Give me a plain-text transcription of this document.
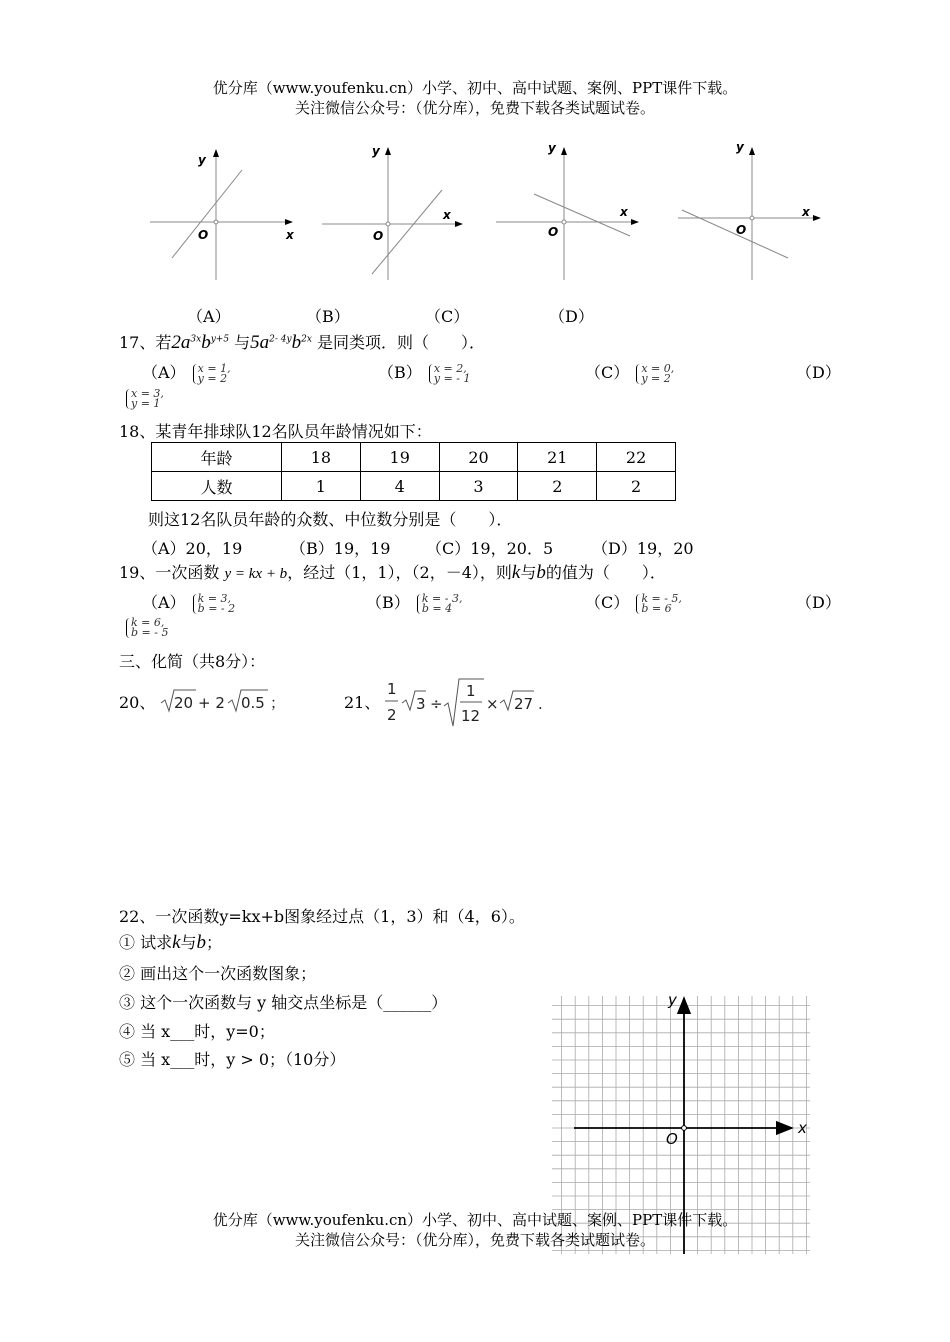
优分库（www.youfenku.cn）小学、初中、高中试题、案例、PPT课件下载。
关注微信公众号：（优分库），免费下载各类试题试卷。
y
x
O
y
x
O
y
x
O
y
x
O
（A）	（B）	（C）	（D）
17、若$2a^{3x}b^{y+5}$ 与$5a^{2- 4y}b^{2x}$ 是同类项．则（　　）．
（A） x = 1,
y = 2	（B） x = 2,
y = - 1	（C） x = 0,
y = 2	（D）
x = 3,
y = 1
18、某青年排球队12名队员年龄情况如下：
年龄	18	19	20	21	22
人数	1	4	3	2	2
则这12名队员年龄的众数、中位数分别是（　　）．
（A）20，19	（B）19，19 （C）19，20．5 （D）19，20
19、一次函数 y = kx + b，经过（1，1），（2，－4），则k与b的值为（　　）．
（A） k = 3,
b = - 2	（B） k = - 3,
b = 4	（C） k = - 5,
b = 6	（D）
k = 6,
b = - 5
三、化简（共8分）：
20、 20 + 2 0.5 ；	21、
1
2
3 ÷
1
12
× 27 .
22、一次函数y=kx+b图象经过点（1，3）和（4，6）。
① 试求k与b；
② 画出这个一次函数图象；
③ 这个一次函数与 y 轴交点坐标是（______）
④ 当 x___时，y=0；
⑤ 当 x___时，y > 0；（10分）
y
x
O
优分库（www.youfenku.cn）小学、初中、高中试题、案例、PPT课件下载。
关注微信公众号：（优分库），免费下载各类试题试卷。
